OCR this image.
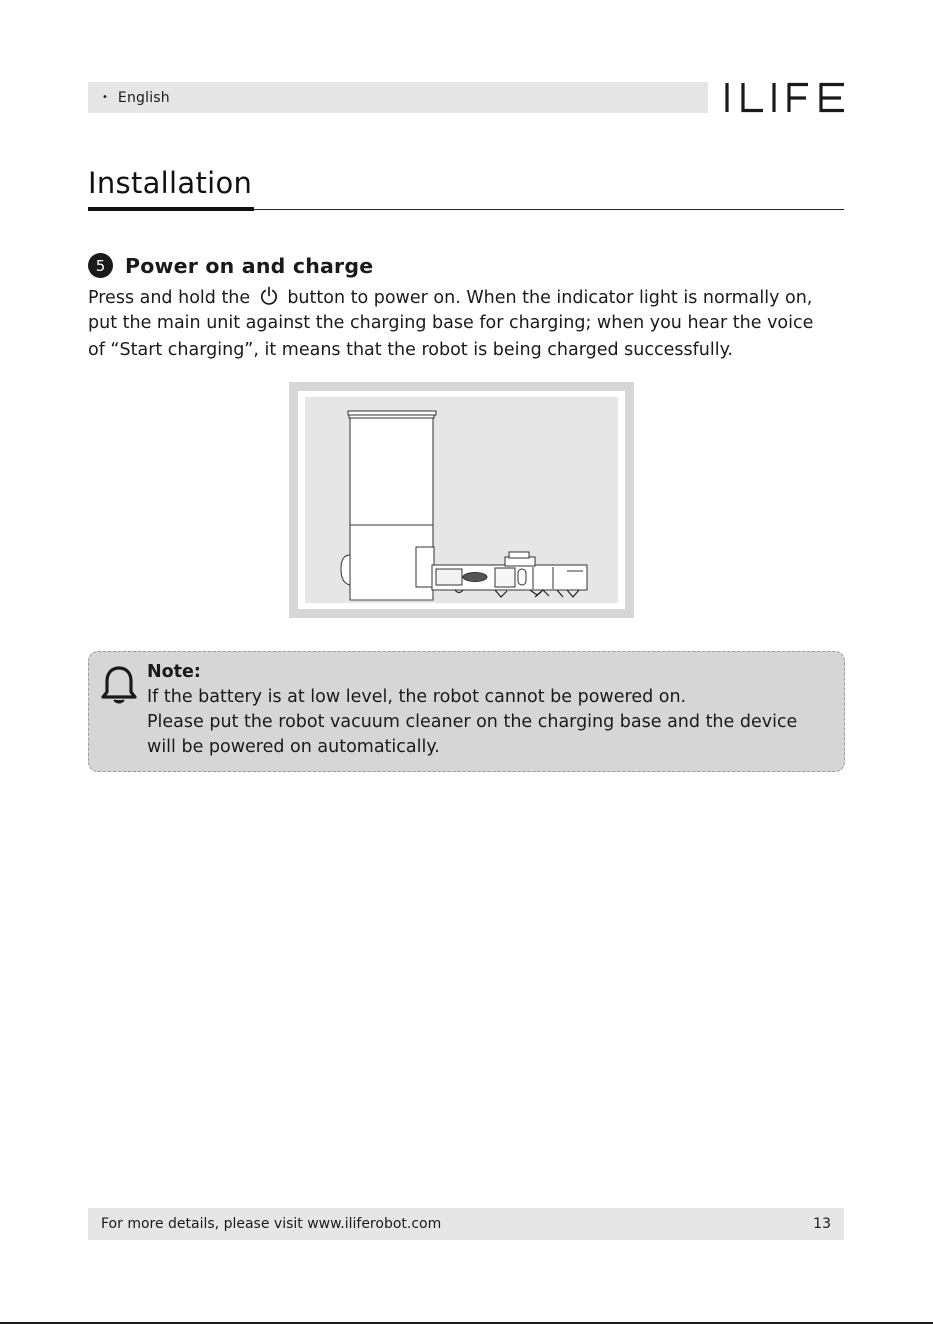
• English
ILIFE
Installation
5 Power on and charge
Press and hold the button to power on. When the indicator light is normally on,
put the main unit against the charging base for charging; when you hear the voice
of “Start charging”, it means that the robot is being charged successfully.
Note:
If the battery is at low level, the robot cannot be powered on.
Please put the robot vacuum cleaner on the charging base and the device
will be powered on automatically.
For more details, please visit www.iliferobot.com	13
